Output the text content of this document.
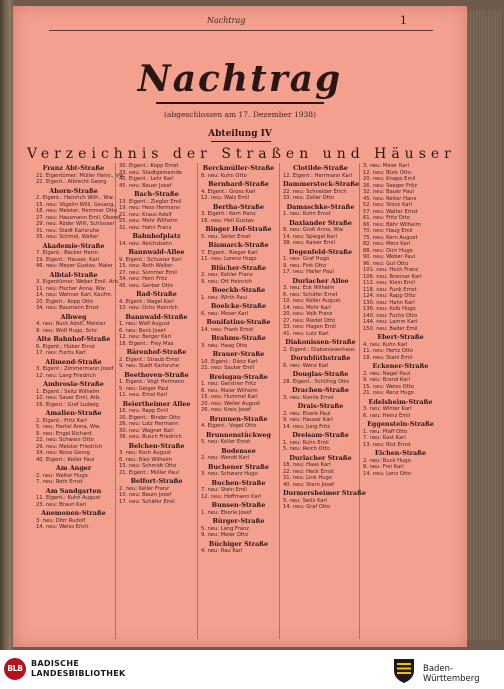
Nachtrag	1
Nachtrag
(abgeschlossen am 17. Dezember 1938)
Abteilung IV
Verzeichnis der Straßen und Häuser
Franz Abt-Straße
21. Eigentümer: Müller Heinr., Vw.
22. Eigent.: Albrecht Georg
Ahorn-Straße
2. Eigent.: Heinrich Wilh., Ww.
15. neu: Vögelin Willi, Gesang.
18. neu: Meister, Hemmer Otto
27. neu: Hausmann Emil, Oberst
29. neu: Röder Willi, Schlosser
31. neu: Stadt Karlsruhe
35. neu: Schmid, Walter
Akademie-Straße
7. Eigent.: Becker Herm.
19. Eigent.: Hauser, Karl
46. neu: Meyer Gustav, Maler
Albtal-Straße
3. Eigentümer: Weber Emil, Arb.
11. neu: Fischer Anna, Ww.
14. neu: Wehner Karl, Kaufm.
20. Eigent.: Kopp Otto
34. neu: Baumann Ernst
Albweg
4. neu: Ruck Adolf, Meister
9. neu: Wolf Hugo, Schr.
Alte Bahnhof-Straße
6. Eigent.: Huber Ernst
17. neu: Fuchs Karl
Allmend-Straße
3. Eigent.: Zimmermann Josef
12. neu: Lang Friedrich
Ambrosia-Straße
1. Eigent.: Seitz Wilhelm
10. neu: Sauer Emil, Arb.
16. Eigent.: Graf Ludwig
Amalien-Straße
2. Eigent.: Fritz Karl
5. neu: Hertel Anna, Ww.
8. neu: Engel Richard
22. neu: Schwarz Otto
29. neu: Meister Friedrich
34. neu: Reiss Georg
40. Eigent.: Keller Paul
Am Anger
2. neu: Walter Hugo
7. neu: Roth Ernst
Am Sandgarten
11. Eigent.: Kuhn August
23. neu: Braun Karl
Anemonen-Straße
3. neu: Dörr Rudolf
14. neu: Weiss Erich
30. Eigent.: Kopp Ernst
33. neu: Stadtgemeinde
40. Eigent.: Lehr Karl
45. neu: Bauer Josef
Bach-Straße
13. Eigent.: Ziegler Emil
19. neu: Hess Hermann
21. neu: Kraus Adolf
25. neu: Mohr Wilhelm
32. neu: Hahn Franz
Bahnhofplatz
14. neu: Reichsbahn
Bannwald-Allee
9. Eigent.: Schuster Karl
15. neu: Roth Walter
27. neu: Sommer Emil
34. neu: Horn Fritz
45. neu: Gerber Otto
Bad-Straße
4. Eigent.: Nagel Karl
10. neu: Ochs Heinrich
Bannwald-Straße
1. neu: Wolf August
6. neu: Beck Josef
12. neu: Berger Karl
18. Eigent.: Frey Max
Bärenhof-Straße
2. Eigent.: Straub Ernst
9. neu: Stadt Karlsruhe
Beethoven-Straße
1. Eigent.: Vogt Hermann
5. neu: Geiger Paul
11. neu: Ernst Karl
Beiertheimer Allee
16. neu: Rapp Emil
20. Eigent.: Binder Otto
26. neu: Lutz Hermann
30. neu: Wagner Karl
38. neu: Busch Friedrich
Belchen-Straße
3. neu: Koch August
8. neu: Ries Wilhelm
15. neu: Schmidt Otto
21. Eigent.: Müller Paul
Belfort-Straße
2. neu: Keller Franz
10. neu: Baum Josef
17. neu: Schäfer Emil
Berckmüller-Straße
8. neu: Kuhn Otto
Bernhard-Straße
4. Eigent.: Gross Karl
12. neu: Walz Emil
Bertha-Straße
3. Eigent.: Kern Hans
16. neu: Heil Gustav
Binger Hof-Straße
5. neu: Seiler Ernst
Bismarck-Straße
7. Eigent.: Rieger Karl
11. neu: Lorenz Hugo
Blücher-Straße
2. neu: Kohler Franz
9. neu: Ott Heinrich
Boeckh-Straße
1. neu: Wirth Paul
Boelcke-Straße
6. neu: Moser Karl
Bonifatius-Straße
14. neu: Frank Ernst
Brahms-Straße
3. neu: Haag Otto
Brauer-Straße
10. Eigent.: Dietz Karl
21. neu: Sauter Emil
Breisgau-Straße
1. neu: Gerstner Fritz
8. neu: Maier Wilhelm
15. neu: Hummel Karl
20. neu: Weller August
26. neu: Kreis Josef
Brunnen-Straße
4. Eigent.: Vogel Otto
Brunnenstückweg
5. neu: Koller Ernst
Bodensee
2. neu: Wendt Karl
Buchener Straße
3. neu: Schwarz Hugo
Buchen-Straße
7. neu: Stein Emil
12. neu: Hoffmann Karl
Bunsen-Straße
1. neu: Eberle Josef
Bürger-Straße
5. neu: Lang Franz
9. neu: Meier Otto
Büchiger Straße
4. neu: Rau Karl
Clotilde-Straße
12. Eigent.: Herrmann Karl
Dammerstock-Straße
22. neu: Schneider Erich
33. neu: Zeller Otto
Damaschke-Straße
1. neu: Kuhn Ernst
Daxlander Straße
8. neu: Groß Anna, Ww.
14. neu: Spiegel Karl
38. neu: Kaiser Emil
Degenfeld-Straße
1. neu: Graf Hugo
9. neu: Fink Otto
17. neu: Haller Paul
Durlacher Allee
3. neu: Eck Wilhelm
6. neu: Schäfer Ernst
10. neu: Keller August
14. neu: Mohr Karl
20. neu: Volk Franz
27. neu: Riedel Otto
33. neu: Hagen Emil
41. neu: Lutz Karl
Diakonissen-Straße
2. Eigent.: Diakonissenhaus
Dornblüthstraße
6. neu: Wenz Karl
Douglas-Straße
28. Eigent.: Schilling Otto
Drachen-Straße
3. neu: Kienle Ernst
Drais-Straße
2. neu: Eisele Paul
9. neu: Hauser Karl
14. neu: Jung Fritz
Dreisam-Straße
1. neu: Kuhn Emil
5. neu: Reich Otto
Durlacher Straße
18. neu: Haas Karl
22. neu: Heck Ernst
31. neu: Link Hugo
40. neu: Stern Josef
Durmersheimer Straße
5. neu: Seitz Karl
14. neu: Graf Otto
3. neu: Maier Karl
12. neu: Bürk Otto
20. neu: Knapp Emil
26. neu: Seeger Fritz
32. neu: Bauer Paul
45. neu: Reiter Hans
52. neu: Stock Karl
57. neu: Walter Ernst
61. neu: Fritz Otto
66. neu: Bähr Wilhelm
70. neu: Haug Emil
75. neu: Kern August
82. neu: Merz Karl
88. neu: Dürr Hugo
90. neu: Weber Paul
96. neu: Gut Otto
101. neu: Hoch Franz
106. neu: Brenner Karl
112. neu: Klein Emil
118. neu: Funk Ernst
124. neu: Rapp Otto
130. neu: Hahn Karl
136. neu: Kolb Hugo
140. neu: Fuchs Otto
144. neu: Lamm Karl
150. neu: Bader Emil
Ebert-Straße
4. neu: Kuhn Karl
11. neu: Hertz Otto
18. neu: Stahl Emil
Eckener-Straße
2. neu: Nagel Paul
9. neu: Brand Karl
15. neu: Weiss Otto
21. neu: Renz Hugo
Edelsheim-Straße
3. neu: Winter Karl
6. neu: Heinz Emil
Eggenstein-Straße
1. neu: Pfaff Otto
7. neu: Kast Karl
13. neu: Rist Ernst
Eichen-Straße
2. neu: Buck Hugo
8. neu: Frei Karl
14. neu: Lenz Otto
BLB
BADISCHE
LANDESBIBLIOTHEK	Baden-Württemberg
